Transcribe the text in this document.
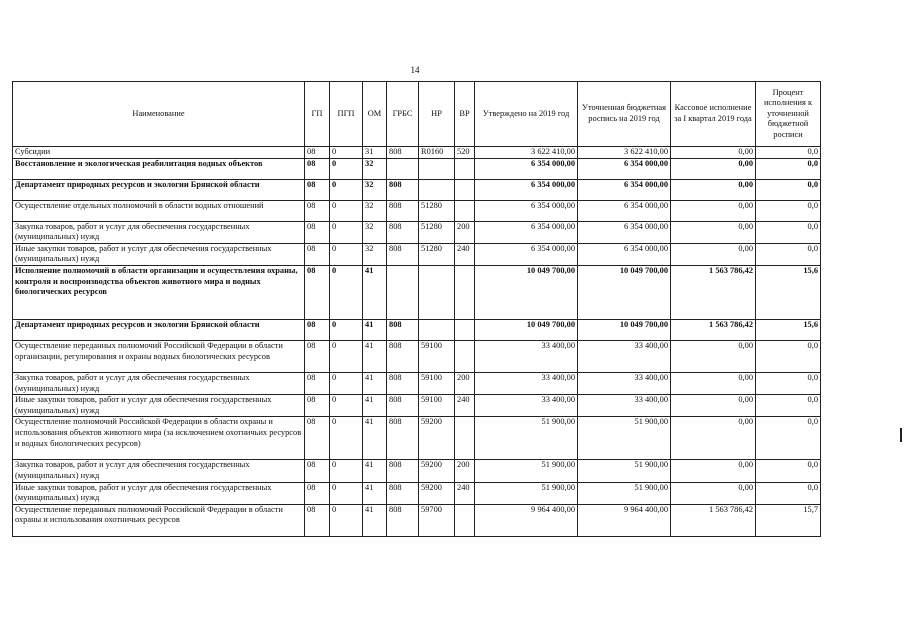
14
Наименование	ГП	ПГП	ОМ	ГРБС	НР	ВР	Утверждено на 2019 год	Уточненная бюджетная роспись на 2019 год	Кассовое исполнение за I квартал 2019 года	Процент исполнения к уточненной бюджетной росписи
Субсидии	08	0	31	808	R0160	520	3 622 410,00	3 622 410,00	0,00	0,0
Восстановление и экологическая реабилитация водных объектов	08	0	32				6 354 000,00	6 354 000,00	0,00	0,0
Департамент природных ресурсов и экологии Брянской области	08	0	32	808			6 354 000,00	6 354 000,00	0,00	0,0
Осуществление отдельных полномочий в области водных отношений	08	0	32	808	51280		6 354 000,00	6 354 000,00	0,00	0,0
Закупка товаров, работ и услуг для обеспечения государственных (муниципальных) нужд	08	0	32	808	51280	200	6 354 000,00	6 354 000,00	0,00	0,0
Иные закупки товаров, работ и услуг для обеспечения государственных (муниципальных) нужд	08	0	32	808	51280	240	6 354 000,00	6 354 000,00	0,00	0,0
Исполнение полномочий в области организации и осуществления охраны, контроля и воспроизводства объектов животного мира и водных биологических ресурсов	08	0	41				10 049 700,00	10 049 700,00	1 563 786,42	15,6
Департамент природных ресурсов и экологии Брянской области	08	0	41	808			10 049 700,00	10 049 700,00	1 563 786,42	15,6
Осуществление переданных полномочий Российской Федерации в области организации, регулирования и охраны водных биологических ресурсов	08	0	41	808	59100		33 400,00	33 400,00	0,00	0,0
Закупка товаров, работ и услуг для обеспечения государственных (муниципальных) нужд	08	0	41	808	59100	200	33 400,00	33 400,00	0,00	0,0
Иные закупки товаров, работ и услуг для обеспечения государственных (муниципальных) нужд	08	0	41	808	59100	240	33 400,00	33 400,00	0,00	0,0
Осуществление полномочий Российской Федерации в области охраны и использования объектов животного мира (за исключением охотничьих ресурсов и водных биологических ресурсов)	08	0	41	808	59200		51 900,00	51 900,00	0,00	0,0
Закупка товаров, работ и услуг для обеспечения государственных (муниципальных) нужд	08	0	41	808	59200	200	51 900,00	51 900,00	0,00	0,0
Иные закупки товаров, работ и услуг для обеспечения государственных (муниципальных) нужд	08	0	41	808	59200	240	51 900,00	51 900,00	0,00	0,0
Осуществление переданных полномочий Российской Федерации в области охраны и использования охотничьих ресурсов	08	0	41	808	59700		9 964 400,00	9 964 400,00	1 563 786,42	15,7
